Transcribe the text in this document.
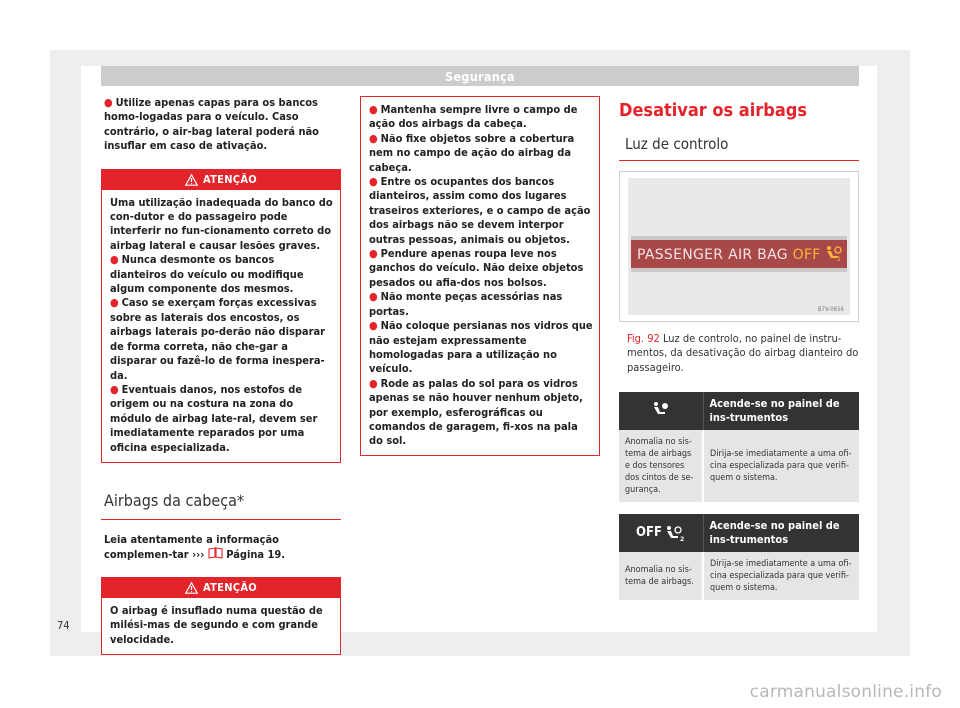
Segurança
● Utilize apenas capas para os bancos homo-logadas para o veículo. Caso contrário, o air-bag lateral poderá não insuflar em caso de ativação.
ATENÇÃO
Uma utilização inadequada do banco do con-dutor e do passageiro pode interferir no fun-cionamento correto do airbag lateral e causar lesões graves.
● Nunca desmonte os bancos dianteiros do veículo ou modifique algum componente dos mesmos.
● Caso se exerçam forças excessivas sobre as laterais dos encostos, os airbags laterais po-derão não disparar de forma correta, não che-gar a disparar ou fazê-lo de forma inespera-da.
● Eventuais danos, nos estofos de origem ou na costura na zona do módulo de airbag late-ral, devem ser imediatamente reparados por uma oficina especializada.
Airbags da cabeça*
Leia atentamente a informação complemen-tar ››› Página 19.
ATENÇÃO
O airbag é insuflado numa questão de milési-mas de segundo e com grande velocidade.
● Mantenha sempre livre o campo de ação dos airbags da cabeça.
● Não fixe objetos sobre a cobertura nem no campo de ação do airbag da cabeça.
● Entre os ocupantes dos bancos dianteiros, assim como dos lugares traseiros exteriores, e o campo de ação dos airbags não se devem interpor outras pessoas, animais ou objetos.
● Pendure apenas roupa leve nos ganchos do veículo. Não deixe objetos pesados ou afia-dos nos bolsos.
● Não monte peças acessórias nas portas.
● Não coloque persianas nos vidros que não estejam expressamente homologadas para a utilização no veículo.
● Rode as palas do sol para os vidros apenas se não houver nenhum objeto, por exemplo, esferográficas ou comandos de garagem, fi-xos na pala do sol.
Desativar os airbags
Luz de controlo
PASSENGER AIR BAG OFF	2
B7V-0656
Fig. 92 Luz de controlo, no painel de instru-mentos, da desativação do airbag dianteiro do passageiro.
	Acende-se no painel de ins-trumentos
Anomalia no sis-tema de airbags e dos tensores dos cintos de se-gurança.	Dirija-se imediatamente a uma ofi-cina especializada para que verifi-quem o sistema.
OFF 2	Acende-se no painel de ins-trumentos
Anomalia no sis-tema de airbags.	Dirija-se imediatamente a uma ofi-cina especializada para que verifi-quem o sistema.
74
carmanualsonline.info
